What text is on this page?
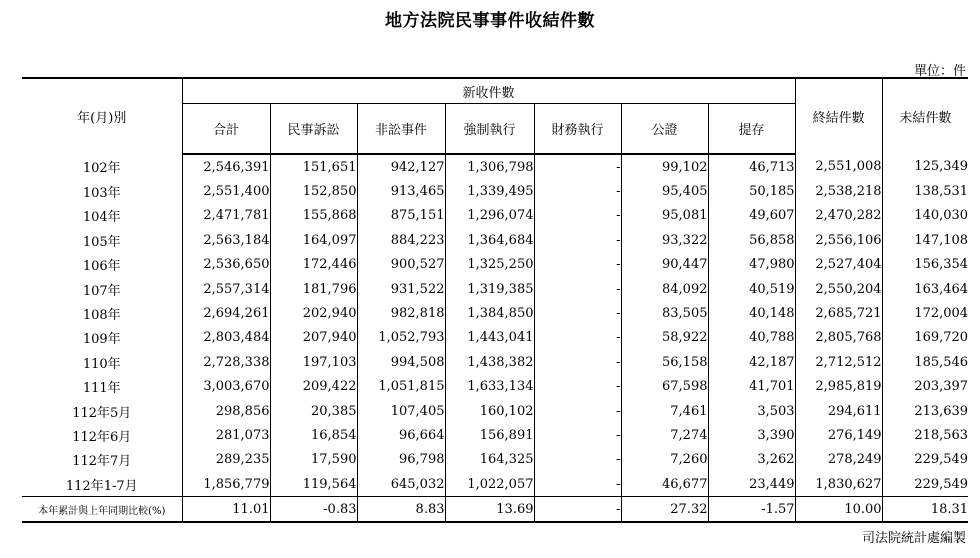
地方法院民事事件收結件數
單位：件
年(月)別	新收件數							終結件數	未結件數
	合計	民事訴訟	非訟事件	強制執行	財務執行	公證	提存		
102年	2,546,391	151,651	942,127	1,306,798	-	99,102	46,713	2,551,008	125,349
103年	2,551,400	152,850	913,465	1,339,495	-	95,405	50,185	2,538,218	138,531
104年	2,471,781	155,868	875,151	1,296,074	-	95,081	49,607	2,470,282	140,030
105年	2,563,184	164,097	884,223	1,364,684	-	93,322	56,858	2,556,106	147,108
106年	2,536,650	172,446	900,527	1,325,250	-	90,447	47,980	2,527,404	156,354
107年	2,557,314	181,796	931,522	1,319,385	-	84,092	40,519	2,550,204	163,464
108年	2,694,261	202,940	982,818	1,384,850	-	83,505	40,148	2,685,721	172,004
109年	2,803,484	207,940	1,052,793	1,443,041	-	58,922	40,788	2,805,768	169,720
110年	2,728,338	197,103	994,508	1,438,382	-	56,158	42,187	2,712,512	185,546
111年	3,003,670	209,422	1,051,815	1,633,134	-	67,598	41,701	2,985,819	203,397
112年5月	298,856	20,385	107,405	160,102	-	7,461	3,503	294,611	213,639
112年6月	281,073	16,854	96,664	156,891	-	7,274	3,390	276,149	218,563
112年7月	289,235	17,590	96,798	164,325	-	7,260	3,262	278,249	229,549
112年1-7月	1,856,779	119,564	645,032	1,022,057	-	46,677	23,449	1,830,627	229,549
本年累計與上年同期比較(%)	11.01	-0.83	8.83	13.69	-	27.32	-1.57	10.00	18.31
司法院統計處編製
